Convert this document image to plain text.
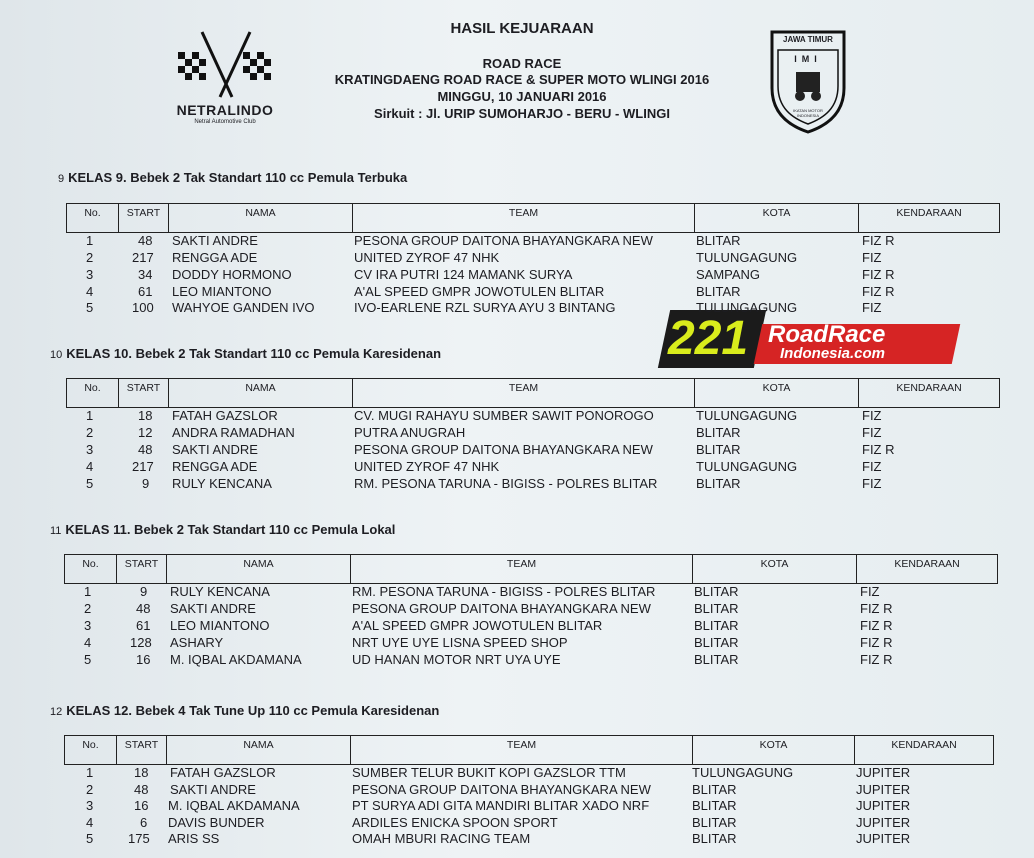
HASIL KEJUARAAN
ROAD RACE
KRATINGDAENG ROAD RACE & SUPER MOTO WLINGI 2016
MINGGU, 10 JANUARI 2016
Sirkuit : Jl. URIP SUMOHARJO - BERU - WLINGI
NETRALINDO
Netral Automotive Club
JAWA TIMUR
IMI
IKATAN MOTOR INDONESIA
221 RoadRace
Indonesia.com
9 KELAS 9. Bebek 2 Tak Standart 110 cc Pemula Terbuka
No.	START	NAMA	TEAM	KOTA	KENDARAAN
1	48 SAKTI ANDRE	PESONA GROUP DAITONA BHAYANGKARA NEW	BLITAR	FIZ R
2	217 RENGGA ADE	UNITED ZYROF 47 NHK	TULUNGAGUNG	FIZ
3	34 DODDY HORMONO	CV IRA PUTRI 124 MAMANK SURYA	SAMPANG	FIZ R
4	61 LEO MIANTONO	A'AL SPEED GMPR JOWOTULEN BLITAR	BLITAR	FIZ R
5	100 WAHYOE GANDEN IVO	IVO-EARLENE RZL SURYA AYU 3 BINTANG	TULUNGAGUNG	FIZ
10 KELAS 10. Bebek 2 Tak Standart 110 cc Pemula Karesidenan
No.	START	NAMA	TEAM	KOTA	KENDARAAN
1	18 FATAH GAZSLOR	CV. MUGI RAHAYU SUMBER SAWIT PONOROGO	TULUNGAGUNG	FIZ
2	12 ANDRA RAMADHAN	PUTRA ANUGRAH	BLITAR	FIZ
3	48 SAKTI ANDRE	PESONA GROUP DAITONA BHAYANGKARA NEW	BLITAR	FIZ R
4	217 RENGGA ADE	UNITED ZYROF 47 NHK	TULUNGAGUNG	FIZ
5	9 RULY KENCANA	RM. PESONA TARUNA - BIGISS - POLRES BLITAR	BLITAR	FIZ
11 KELAS 11. Bebek 2 Tak Standart 110 cc Pemula Lokal
No.	START	NAMA	TEAM	KOTA	KENDARAAN
1	9 RULY KENCANA	RM. PESONA TARUNA - BIGISS - POLRES BLITAR	BLITAR	FIZ
2	48 SAKTI ANDRE	PESONA GROUP DAITONA BHAYANGKARA NEW	BLITAR	FIZ R
3	61 LEO MIANTONO	A'AL SPEED GMPR JOWOTULEN BLITAR	BLITAR	FIZ R
4	128 ASHARY	NRT UYE UYE LISNA SPEED SHOP	BLITAR	FIZ R
5	16 M. IQBAL AKDAMANA	UD HANAN MOTOR NRT UYA UYE	BLITAR	FIZ R
12 KELAS 12. Bebek 4 Tak Tune Up 110 cc Pemula Karesidenan
No.	START	NAMA	TEAM	KOTA	KENDARAAN
1	18 FATAH GAZSLOR	SUMBER TELUR BUKIT KOPI GAZSLOR TTM	TULUNGAGUNG	JUPITER
2	48 SAKTI ANDRE	PESONA GROUP DAITONA BHAYANGKARA NEW	BLITAR	JUPITER
3	16 M. IQBAL AKDAMANA	PT SURYA ADI GITA MANDIRI BLITAR XADO NRF	BLITAR	JUPITER
4	6 DAVIS BUNDER	ARDILES ENICKA SPOON SPORT	BLITAR	JUPITER
5	175 ARIS SS	OMAH MBURI RACING TEAM	BLITAR	JUPITER
